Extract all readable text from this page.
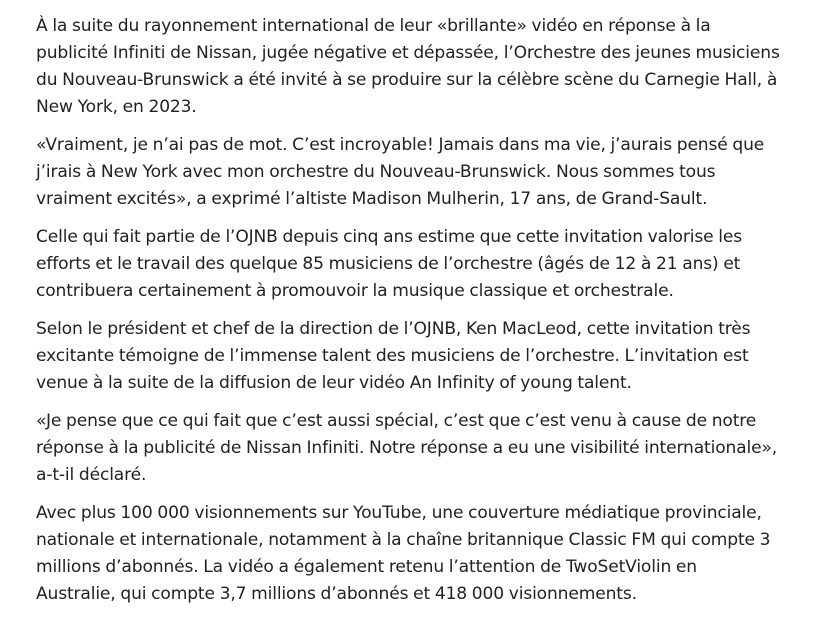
À la suite du rayonnement international de leur «brillante» vidéo en réponse à la publicité Infiniti de Nissan, jugée négative et dépassée, l’Orchestre des jeunes musiciens du Nouveau-Brunswick a été invité à se produire sur la célèbre scène du Carnegie Hall, à New York, en 2023.

«Vraiment, je n’ai pas de mot. C’est incroyable! Jamais dans ma vie, j’aurais pensé que j’irais à New York avec mon orchestre du Nouveau-Brunswick. Nous sommes tous vraiment excités», a exprimé l’altiste Madison Mulherin, 17 ans, de Grand-Sault.

Celle qui fait partie de l’OJNB depuis cinq ans estime que cette invitation valorise les efforts et le travail des quelque 85 musiciens de l’orchestre (âgés de 12 à 21 ans) et contribuera certainement à promouvoir la musique classique et orchestrale.

Selon le président et chef de la direction de l’OJNB, Ken MacLeod, cette invitation très excitante témoigne de l’immense talent des musiciens de l’orchestre. L’invitation est venue à la suite de la diffusion de leur vidéo An Infinity of young talent.

«Je pense que ce qui fait que c’est aussi spécial, c’est que c’est venu à cause de notre réponse à la publicité de Nissan Infiniti. Notre réponse a eu une visibilité internationale», a-t-il déclaré.

Avec plus 100 000 visionnements sur YouTube, une couverture médiatique provinciale, nationale et internationale, notamment à la chaîne britannique Classic FM qui compte 3 millions d’abonnés. La vidéo a également retenu l’attention de TwoSetViolin en Australie, qui compte 3,7 millions d’abonnés et 418 000 visionnements.
